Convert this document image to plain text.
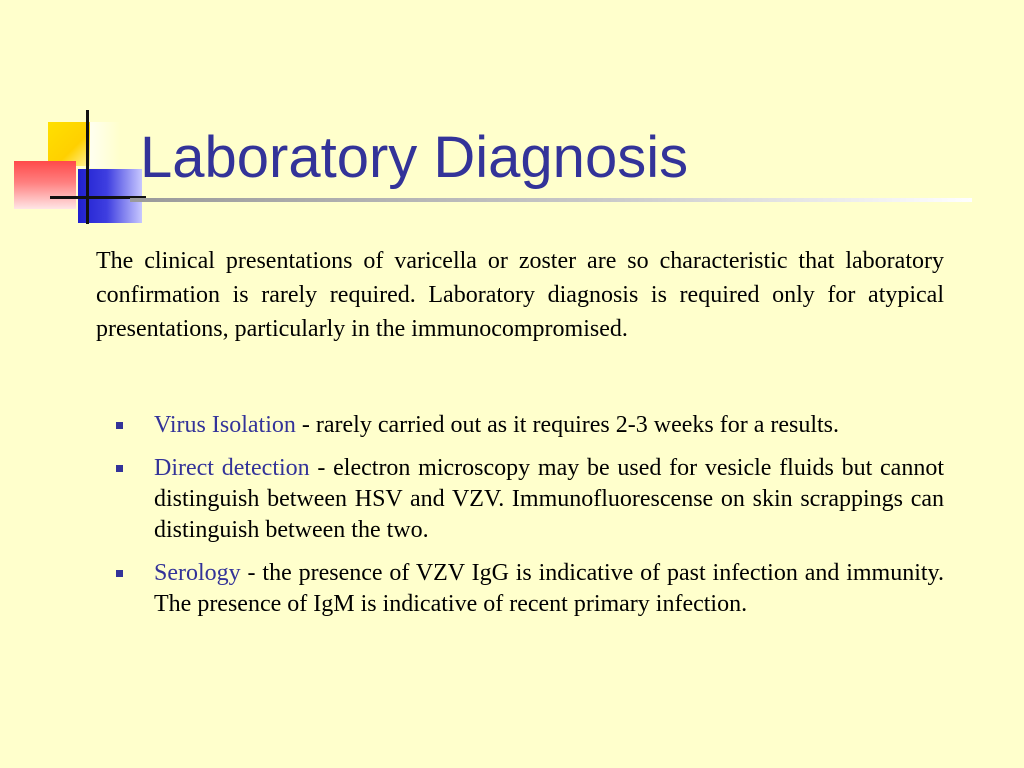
Laboratory Diagnosis

The clinical presentations of varicella or zoster are so characteristic that laboratory confirmation is rarely required. Laboratory diagnosis is required only for atypical presentations, particularly in the immunocompromised.

Virus Isolation - rarely carried out as it requires 2-3 weeks for a results.
Direct detection - electron microscopy may be used for vesicle fluids but cannot distinguish between HSV and VZV. Immunofluorescense on skin scrappings can distinguish between the two.
Serology - the presence of VZV IgG is indicative of past infection and immunity. The presence of IgM is indicative of recent primary infection.
